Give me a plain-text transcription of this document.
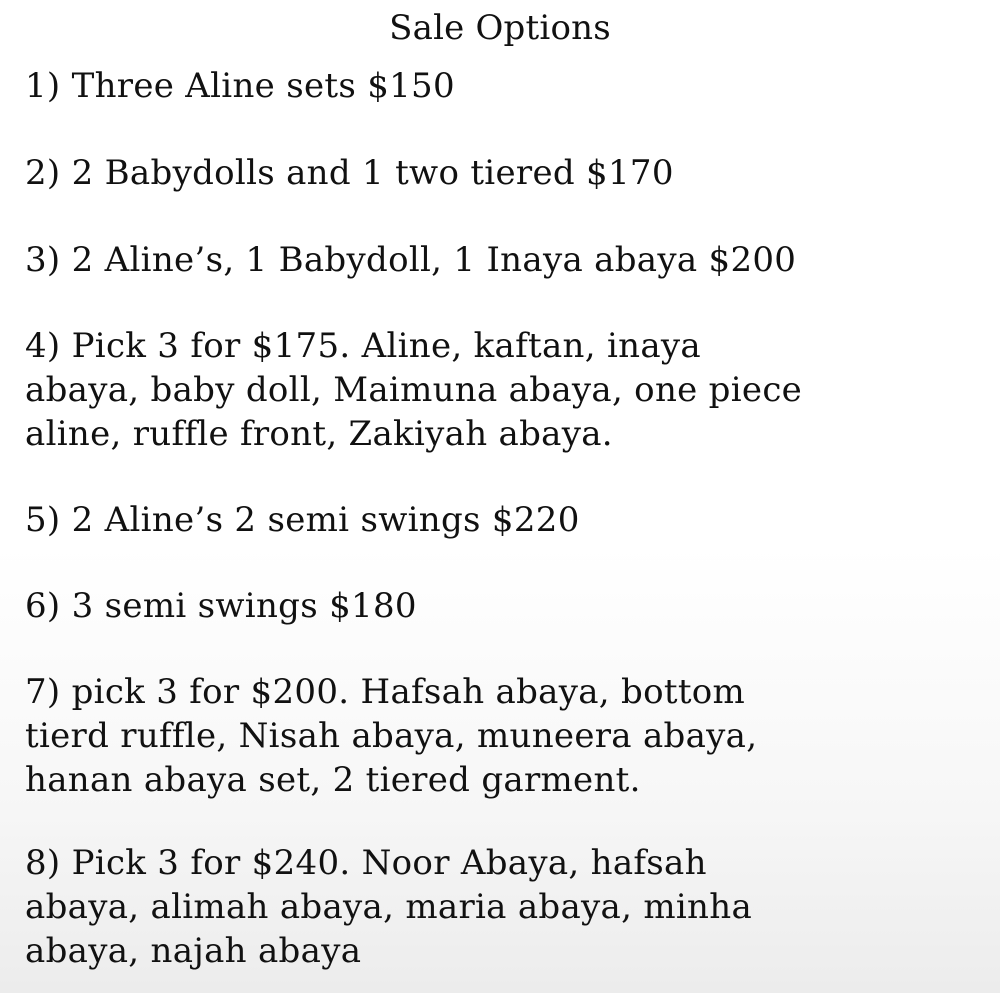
Sale Options
1) Three Aline sets $150
2) 2 Babydolls and 1 two tiered $170
3) 2 Aline’s, 1 Babydoll, 1 Inaya abaya $200
4) Pick 3 for $175. Aline, kaftan, inaya
abaya, baby doll, Maimuna abaya, one piece
aline, ruffle front, Zakiyah abaya.
5) 2 Aline’s 2 semi swings $220
6) 3 semi swings $180
7) pick 3 for $200. Hafsah abaya, bottom
tierd ruffle, Nisah abaya, muneera abaya,
hanan abaya set, 2 tiered garment.
8) Pick 3 for $240. Noor Abaya, hafsah
abaya, alimah abaya, maria abaya, minha
abaya, najah abaya
